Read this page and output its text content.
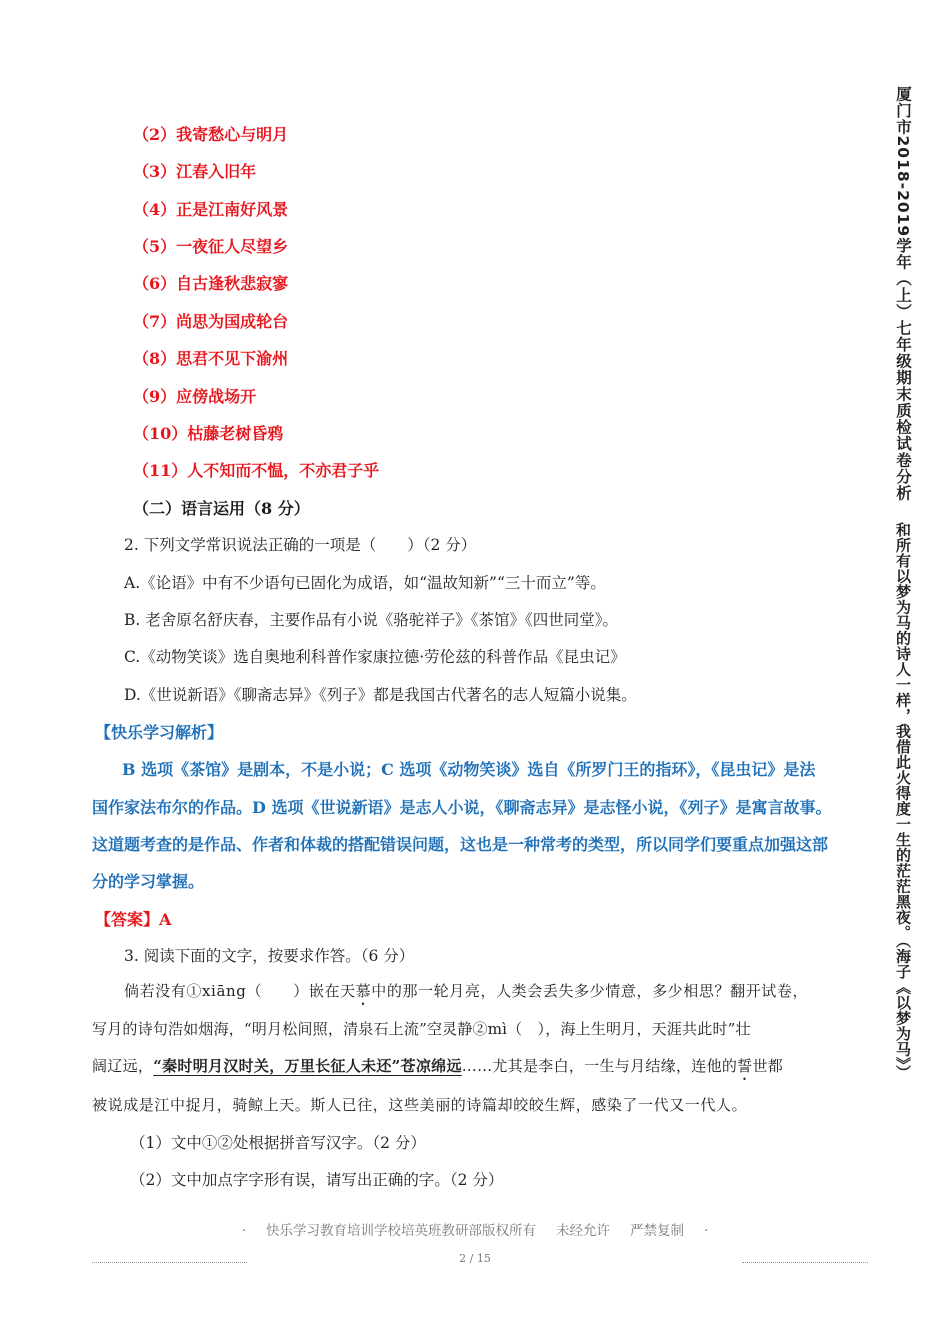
厦门市2018-2019学年（上）七年级期末质检试卷分析
和所有以梦为马的诗人一样，我借此火得度一生的茫茫黑夜。（海子《以梦为马》）
（2）我寄愁心与明月
（3）江春入旧年
（4）正是江南好风景
（5）一夜征人尽望乡
（6）自古逢秋悲寂寥
（7）尚思为国成轮台
（8）思君不见下渝州
（9）应傍战场开
（10）枯藤老树昏鸦
（11）人不知而不愠，不亦君子乎
（二）语言运用（8 分）
2. 下列文学常识说法正确的一项是（　　）（2 分）
A.《论语》中有不少语句已固化为成语，如“温故知新”“三十而立”等。
B. 老舍原名舒庆春，主要作品有小说《骆驼祥子》《茶馆》《四世同堂》。
C.《动物笑谈》选自奥地利科普作家康拉德·劳伦兹的科普作品《昆虫记》
D.《世说新语》《聊斋志异》《列子》都是我国古代著名的志人短篇小说集。
【快乐学习解析】
B 选项《茶馆》是剧本，不是小说；C 选项《动物笑谈》选自《所罗门王的指环》，《昆虫记》是法
国作家法布尔的作品。D 选项《世说新语》是志人小说，《聊斋志异》是志怪小说，《列子》是寓言故事。
这道题考查的是作品、作者和体裁的搭配错误问题，这也是一种常考的类型，所以同学们要重点加强这部
分的学习掌握。
【答案】A
3. 阅读下面的文字，按要求作答。（6 分）
倘若没有①xiāng（　　）嵌在天慕中的那一轮月亮，人类会丢失多少情意，多少相思？翻开试卷，
写月的诗句浩如烟海，“明月松间照，清泉石上流”空灵静②mì（　），海上生明月，天涯共此时”壮
阔辽远，“秦时明月汉时关，万里长征人未还”苍凉绵远……尤其是李白，一生与月结缘，连他的誓世都
被说成是江中捉月，骑鲸上天。斯人已往，这些美丽的诗篇却皎皎生辉，感染了一代又一代人。
（1）文中①②处根据拼音写汉字。（2 分）
（2）文中加点字字形有误，请写出正确的字。（2 分）
· 快乐学习教育培训学校培英班教研部版权所有 未经允许 严禁复制 ·
2 / 15
